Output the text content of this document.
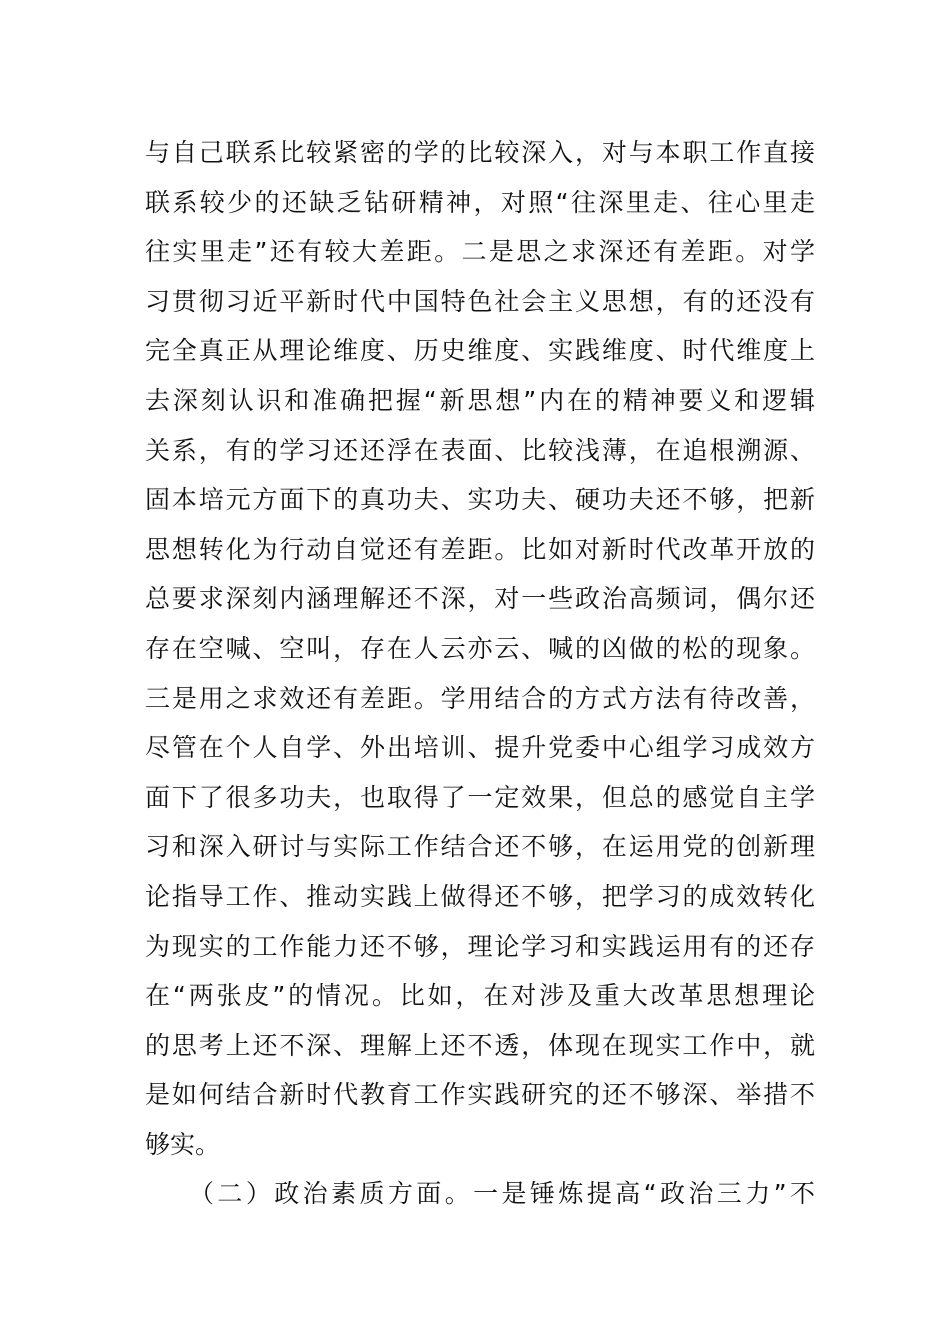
与自己联系比较紧密的学的比较深入，对与本职工作直接
联系较少的还缺乏钻研精神，对照“往深里走、往心里走
往实里走”还有较大差距。二是思之求深还有差距。对学
习贯彻习近平新时代中国特色社会主义思想，有的还没有
完全真正从理论维度、历史维度、实践维度、时代维度上
去深刻认识和准确把握“新思想”内在的精神要义和逻辑
关系，有的学习还还浮在表面、比较浅薄，在追根溯源、
固本培元方面下的真功夫、实功夫、硬功夫还不够，把新
思想转化为行动自觉还有差距。比如对新时代改革开放的
总要求深刻内涵理解还不深，对一些政治高频词，偶尔还
存在空喊、空叫，存在人云亦云、喊的凶做的松的现象。
三是用之求效还有差距。学用结合的方式方法有待改善，
尽管在个人自学、外出培训、提升党委中心组学习成效方
面下了很多功夫，也取得了一定效果，但总的感觉自主学
习和深入研讨与实际工作结合还不够，在运用党的创新理
论指导工作、推动实践上做得还不够，把学习的成效转化
为现实的工作能力还不够，理论学习和实践运用有的还存
在“两张皮”的情况。比如，在对涉及重大改革思想理论
的思考上还不深、理解上还不透，体现在现实工作中，就
是如何结合新时代教育工作实践研究的还不够深、举措不
够实。
（二）政治素质方面。一是锤炼提高“政治三力”不
